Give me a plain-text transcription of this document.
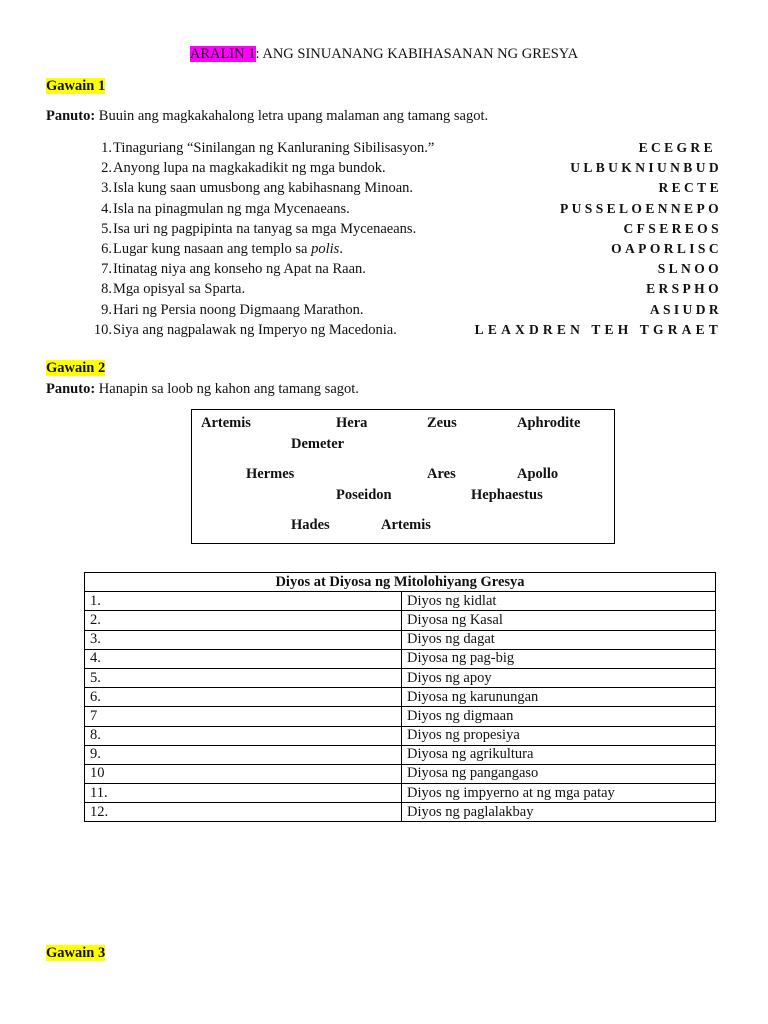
ARALIN 1: ANG SINUANANG KABIHASANAN NG GRESYA
Gawain 1
Panuto: Buuin ang magkakahalong letra upang malaman ang tamang sagot.
1. Tinaguriang “Sinilangan ng Kanluraning Sibilisasyon.”	ECEGRE
2. Anyong lupa na magkakadikit ng mga bundok.	ULBUKNIUNBUD
3. Isla kung saan umusbong ang kabihasnang Minoan.	RECTE
4. Isla na pinagmulan ng mga Mycenaeans.	PUSSELOENNEPO
5. Isa uri ng pagpipinta na tanyag sa mga Mycenaeans.	CFSEREOS
6. Lugar kung nasaan ang templo sa polis.	OAPORLISC
7. Itinatag niya ang konseho ng Apat na Raan.	SLNOO
8. Mga opisyal sa Sparta.	ERSPHO
9. Hari ng Persia noong Digmaang Marathon.	ASIUDR
10. Siya ang nagpalawak ng Imperyo ng Macedonia.	LEAXDREN TEH TGRAET
Gawain 2
Panuto: Hanapin sa loob ng kahon ang tamang sagot.
Artemis	Hera	Zeus	Aphrodite
Demeter
Hermes	Ares	Apollo
Poseidon	Hephaestus
Hades	Artemis
Diyos at Diyosa ng Mitolohiyang Gresya	
1.	Diyos ng kidlat
2.	Diyosa ng Kasal
3.	Diyos ng dagat
4.	Diyosa ng pag-big
5.	Diyos ng apoy
6.	Diyosa ng karunungan
7	Diyos ng digmaan
8.	Diyos ng propesiya
9.	Diyosa ng agrikultura
10	Diyosa ng pangangaso
11.	Diyos ng impyerno at ng mga patay
12.	Diyos ng paglalakbay
Gawain 3
